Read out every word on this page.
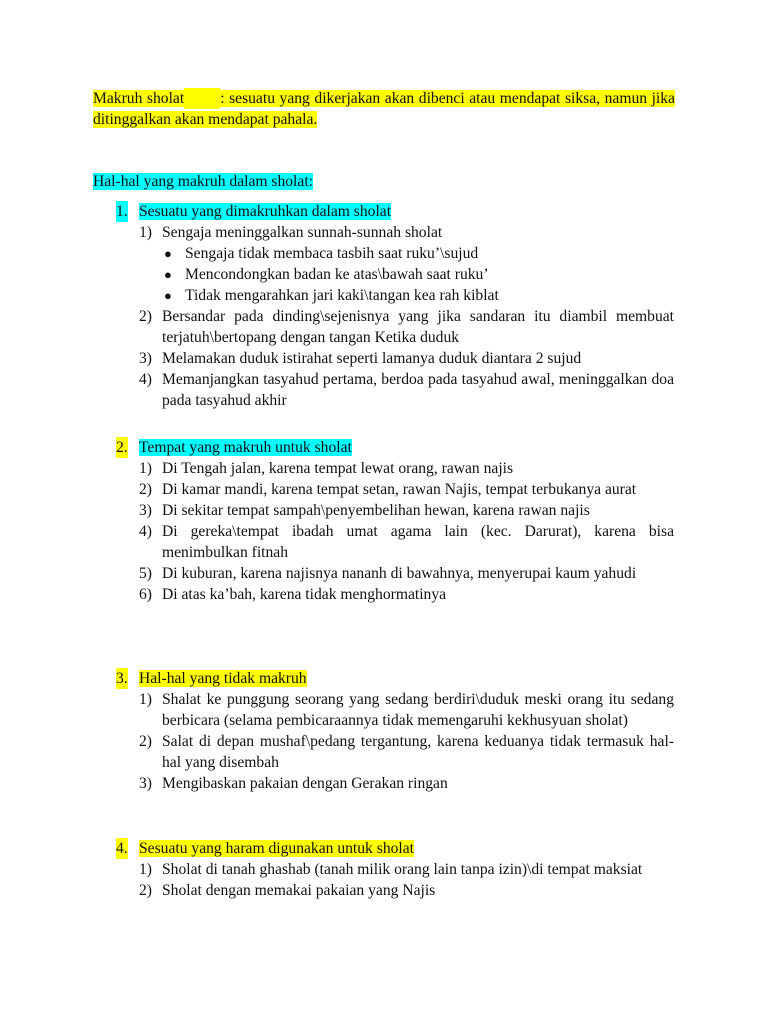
Makruh sholat : sesuatu yang dikerjakan akan dibenci atau mendapat siksa, namun jika ditinggalkan akan mendapat pahala.
Hal-hal yang makruh dalam sholat:
1. Sesuatu yang dimakruhkan dalam sholat
1) Sengaja meninggalkan sunnah-sunnah sholat
● Sengaja tidak membaca tasbih saat ruku’\sujud
● Mencondongkan badan ke atas\bawah saat ruku’
● Tidak mengarahkan jari kaki\tangan kea rah kiblat
2) Bersandar pada dinding\sejenisnya yang jika sandaran itu diambil membuat terjatuh\bertopang dengan tangan Ketika duduk
3) Melamakan duduk istirahat seperti lamanya duduk diantara 2 sujud
4) Memanjangkan tasyahud pertama, berdoa pada tasyahud awal, meninggalkan doa pada tasyahud akhir
2. Tempat yang makruh untuk sholat
1) Di Tengah jalan, karena tempat lewat orang, rawan najis
2) Di kamar mandi, karena tempat setan, rawan Najis, tempat terbukanya aurat
3) Di sekitar tempat sampah\penyembelihan hewan, karena rawan najis
4) Di gereka\tempat ibadah umat agama lain (kec. Darurat), karena bisa menimbulkan fitnah
5) Di kuburan, karena najisnya nananh di bawahnya, menyerupai kaum yahudi
6) Di atas ka’bah, karena tidak menghormatinya
3. Hal-hal yang tidak makruh
1) Shalat ke punggung seorang yang sedang berdiri\duduk meski orang itu sedang berbicara (selama pembicaraannya tidak memengaruhi kekhusyuan sholat)
2) Salat di depan mushaf\pedang tergantung, karena keduanya tidak termasuk hal-hal yang disembah
3) Mengibaskan pakaian dengan Gerakan ringan
4. Sesuatu yang haram digunakan untuk sholat
1) Sholat di tanah ghashab (tanah milik orang lain tanpa izin)\di tempat maksiat
2) Sholat dengan memakai pakaian yang Najis
